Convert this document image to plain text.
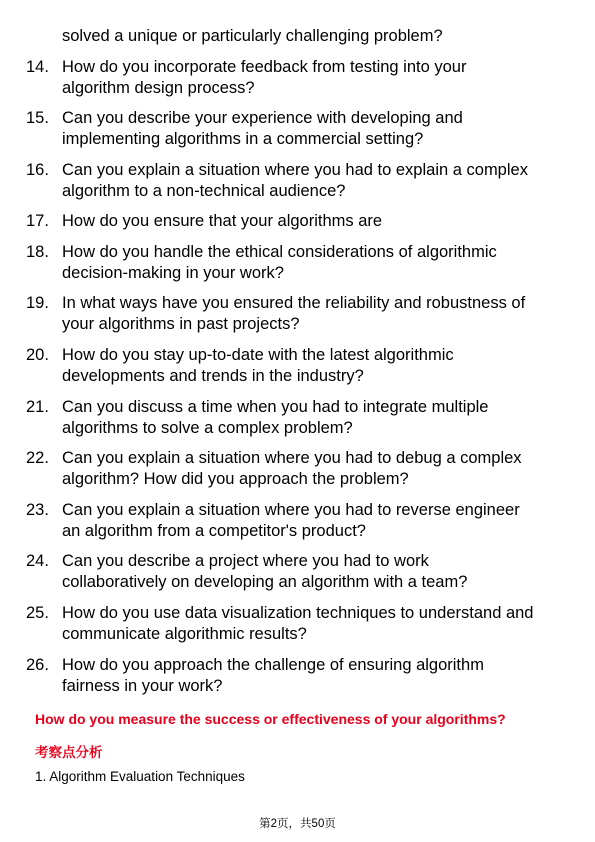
solved a unique or particularly challenging problem?
14. How do you incorporate feedback from testing into your
algorithm design process?
15. Can you describe your experience with developing and
implementing algorithms in a commercial setting?
16. Can you explain a situation where you had to explain a complex
algorithm to a non-technical audience?
17. How do you ensure that your algorithms are
18. How do you handle the ethical considerations of algorithmic
decision-making in your work?
19. In what ways have you ensured the reliability and robustness of
your algorithms in past projects?
20. How do you stay up-to-date with the latest algorithmic
developments and trends in the industry?
21. Can you discuss a time when you had to integrate multiple
algorithms to solve a complex problem?
22. Can you explain a situation where you had to debug a complex
algorithm? How did you approach the problem?
23. Can you explain a situation where you had to reverse engineer
an algorithm from a competitor's product?
24. Can you describe a project where you had to work
collaboratively on developing an algorithm with a team?
25. How do you use data visualization techniques to understand and
communicate algorithmic results?
26. How do you approach the challenge of ensuring algorithm
fairness in your work?
How do you measure the success or effectiveness of your algorithms?
考察点分析
1. Algorithm Evaluation Techniques
第2页，共50页
